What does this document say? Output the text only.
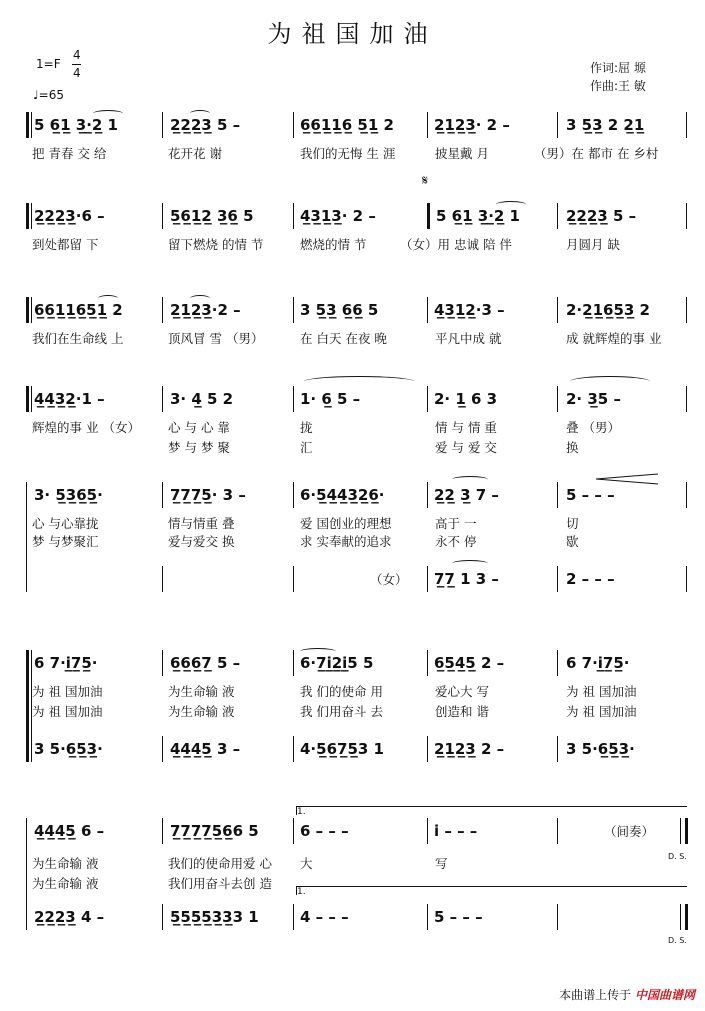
为祖国加油
1=F
4
4
♩=65
作词:屈 塬
作曲:王 敏
5 6̲1̲ 3̲·̲2̲ 1	2̲2̲2̲3̲ 5 –	6̲6̲1̲1̲6̲ 5̲1̲ 2	2̲1̲2̲3̲· 2 –	3 5̲3̲ 2 2̲1̲
把 青春 交 给	花开花 谢	我们的无悔 生 涯	披星戴 月	（男）在 都市 在 乡村
𝄋
2̲2̲2̲3̲·6 –	5̲6̲1̲2̲ 3̲6̲ 5	4̲3̲1̲3̲· 2 –	5 6̲1̲ 3̲·̲2̲ 1	2̲2̲2̲3̲ 5 –
到处都留 下	留下燃烧 的情 节	燃烧的情 节	（女）用 忠诚 陪 伴	月圆月 缺
6̲6̲1̲1̲6̲5̲1̲ 2	2̲1̲2̲3̲·2 –	3 5̲3̲ 6̲6̲ 5	4̲3̲1̲2̲·3 –	2·2̲1̲6̲5̲3̲ 2
我们在生命线 上	顶风冒 雪 （男）	在 白天 在夜 晚	平凡中成 就	成 就辉煌的事 业
4̲4̲3̲2̲·1 –	3· 4̲ 5 2	1· 6̲ 5 –	2· 1̲ 6 3	2· 3̲5 –
辉煌的事 业 （女） 心 与 心 靠	拢	情 与 情 重	叠 （男）
梦 与 梦 聚	汇	爱 与 爱 交	换
3· 5̲3̲6̲5̲·	7̲7̲7̲5̲· 3 –	6·5̲4̲4̲3̲2̲6̲·	2̲2̲ 3̲ 7 –	5 – – –
心 与心靠拢	情与情重 叠	爱 国创业的理想	高于 一	切
梦 与梦聚汇	爱与爱交 换	求 实奉献的追求	永不 停	歇
（女） 7̲7̲ 1 3 –	2 – – –
6 7·i̲7̲5̲·	6̲6̲6̲7̲ 5 –	6·7̲i̲2̲i̲5 5	6̲5̲4̲5̲ 2 –	6 7·i̲7̲5̲·
为 祖 国加油	为生命输 液	我 们的使命 用	爱心大 写	为 祖 国加油
为 祖 国加油	为生命输 液	我 们用奋斗 去	创造和 谐	为 祖 国加油
3 5·6̲5̲3̲·	4̲4̲4̲5̲ 3 –	4·5̲6̲7̲5̲3 1	2̲1̲2̲3̲ 2 –	3 5·6̲5̲3̲·
1.
4̲4̲4̲5̲ 6 –	7̲7̲7̲7̲5̲6̲6 5	6 – – –	i – – –	（间奏）
D. S.
为生命输 液	我们的使命用爱 心 大	写
为生命输 液	我们用奋斗去创 造
1.
2̲2̲2̲3̲ 4 –	5̲5̲5̲5̲3̲3̲3 1	4 – – –	5 – – –
D. S.
本曲谱上传于 中国曲谱网
